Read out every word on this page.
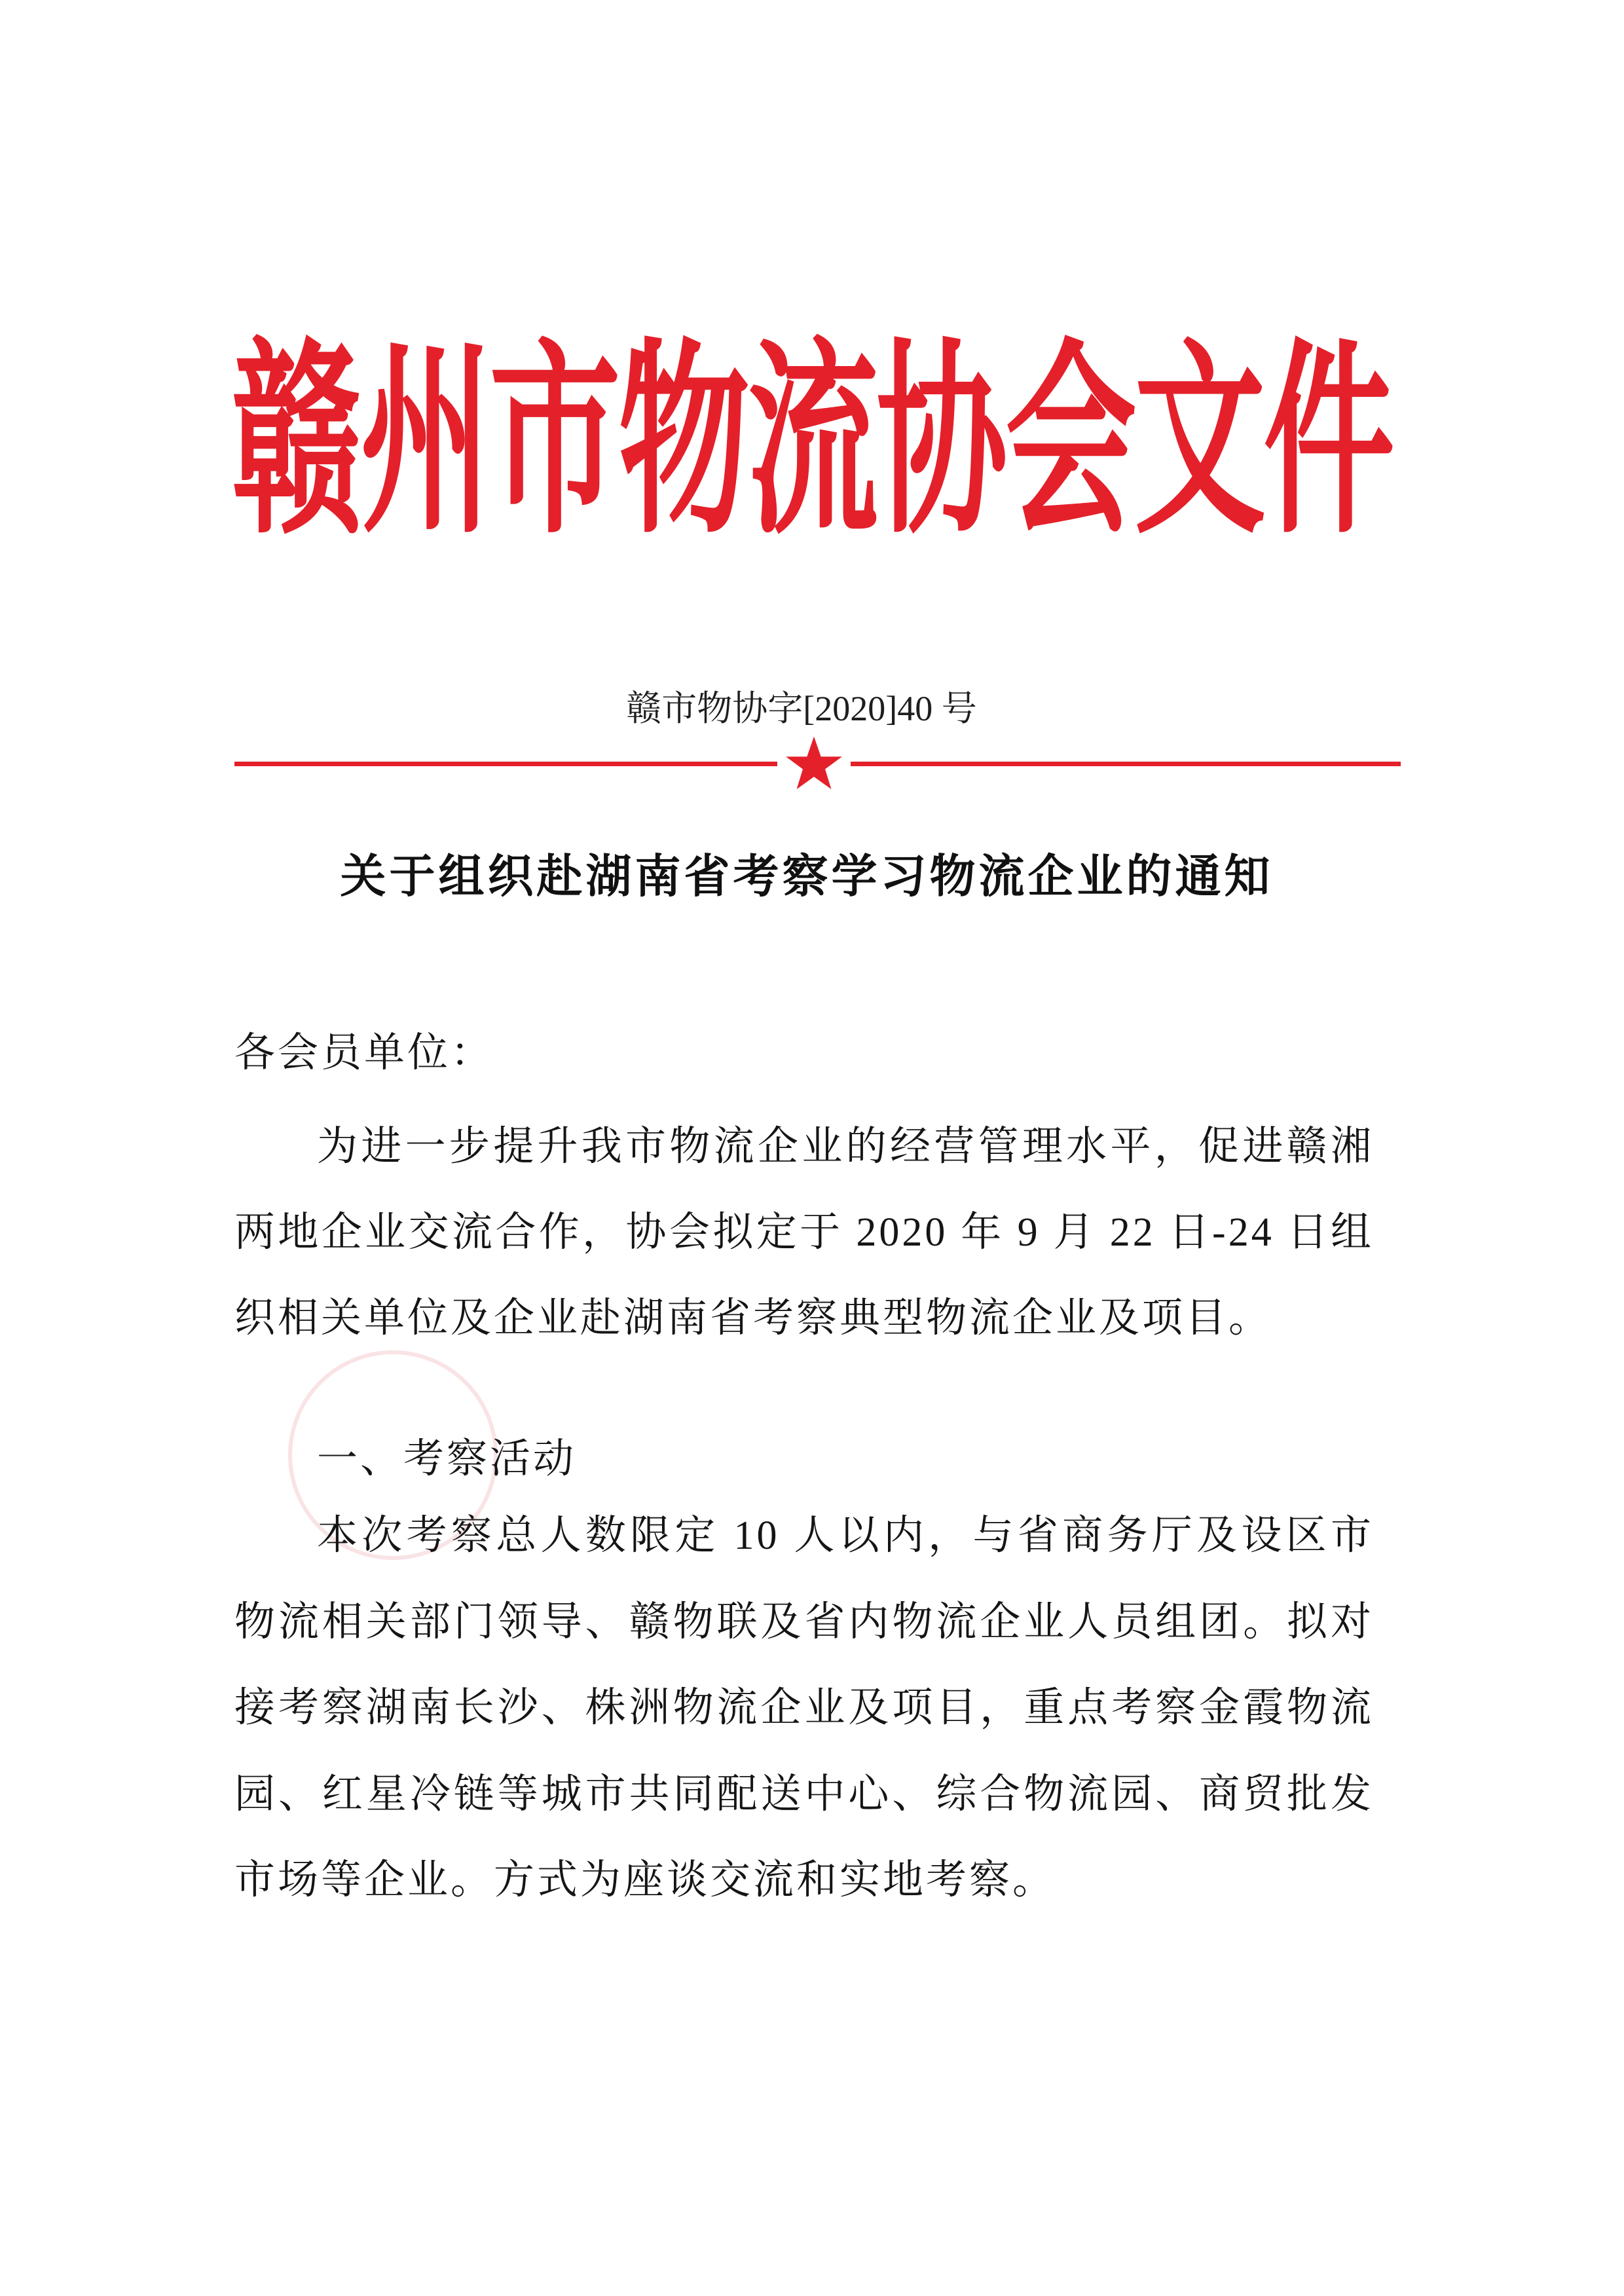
赣州市物流协会文件
赣市物协字[2020]40 号
关于组织赴湖南省考察学习物流企业的通知
各会员单位：
为进一步提升我市物流企业的经营管理水平，促进赣湘
两地企业交流合作，协会拟定于 2020 年 9 月 22 日-24 日组
织相关单位及企业赴湖南省考察典型物流企业及项目。
一、考察活动
本次考察总人数限定 10 人以内，与省商务厅及设区市
物流相关部门领导、赣物联及省内物流企业人员组团。拟对
接考察湖南长沙、株洲物流企业及项目，重点考察金霞物流
园、红星冷链等城市共同配送中心、综合物流园、商贸批发
市场等企业。方式为座谈交流和实地考察。
